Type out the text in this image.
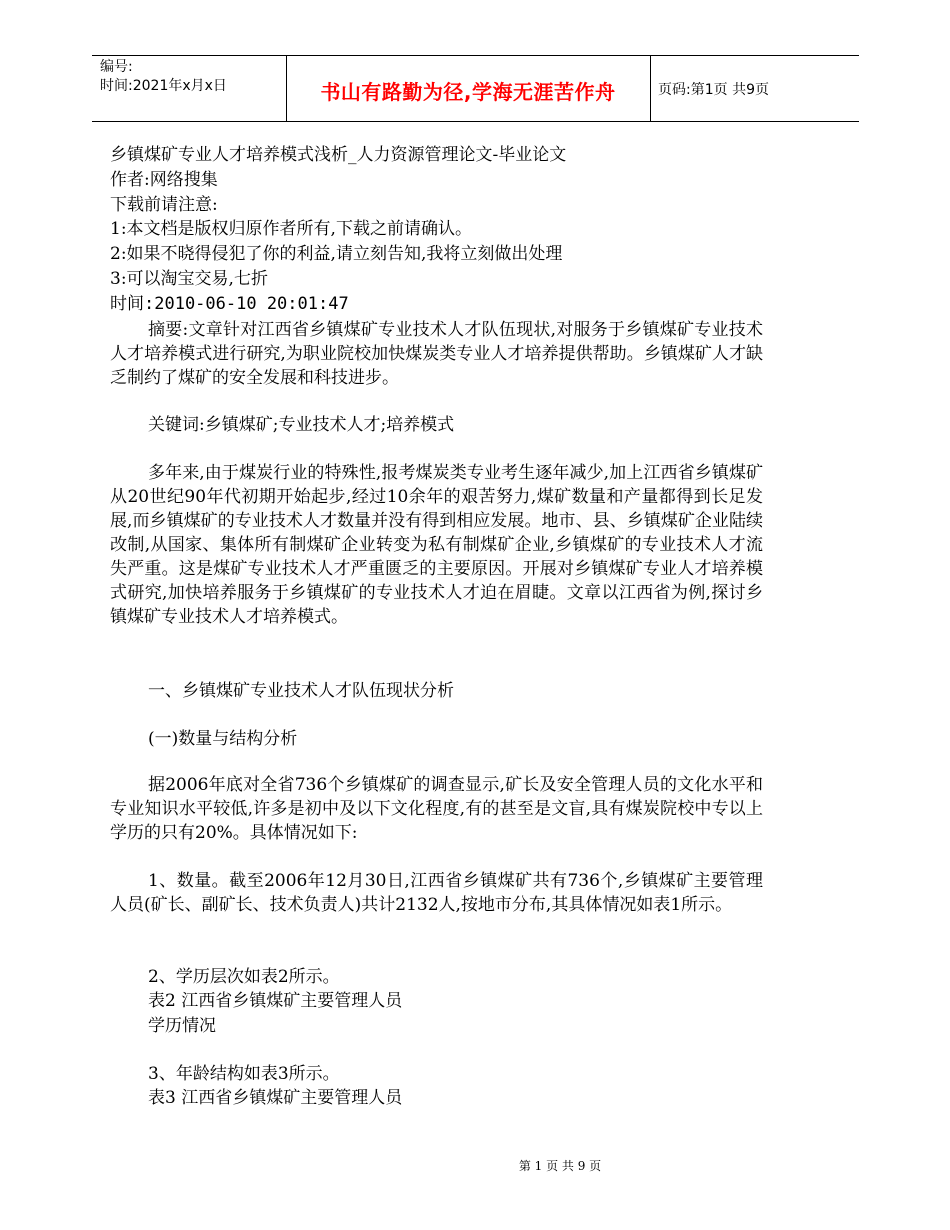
编号:
时间:2021年x月x日	书山有路勤为径,学海无涯苦作舟	页码:第1页 共9页
乡镇煤矿专业人才培养模式浅析_人力资源管理论文-毕业论文
作者:网络搜集
下载前请注意:
1:本文档是版权归原作者所有,下载之前请确认。
2:如果不晓得侵犯了你的利益,请立刻告知,我将立刻做出处理
3:可以淘宝交易,七折
时间:2010-06-10 20:01:47
摘要:文章针对江西省乡镇煤矿专业技术人才队伍现状,对服务于乡镇煤矿专业技术人才培养模式进行研究,为职业院校加快煤炭类专业人才培养提供帮助。乡镇煤矿人才缺乏制约了煤矿的安全发展和科技进步。
关键词:乡镇煤矿;专业技术人才;培养模式
多年来,由于煤炭行业的特殊性,报考煤炭类专业考生逐年减少,加上江西省乡镇煤矿从20世纪90年代初期开始起步,经过10余年的艰苦努力,煤矿数量和产量都得到长足发展,而乡镇煤矿的专业技术人才数量并没有得到相应发展。地市、县、乡镇煤矿企业陆续改制,从国家、集体所有制煤矿企业转变为私有制煤矿企业,乡镇煤矿的专业技术人才流失严重。这是煤矿专业技术人才严重匮乏的主要原因。开展对乡镇煤矿专业人才培养模式研究,加快培养服务于乡镇煤矿的专业技术人才迫在眉睫。文章以江西省为例,探讨乡镇煤矿专业技术人才培养模式。
一、乡镇煤矿专业技术人才队伍现状分析
(一)数量与结构分析
据2006年底对全省736个乡镇煤矿的调查显示,矿长及安全管理人员的文化水平和专业知识水平较低,许多是初中及以下文化程度,有的甚至是文盲,具有煤炭院校中专以上学历的只有20%。具体情况如下:
1、数量。截至2006年12月30日,江西省乡镇煤矿共有736个,乡镇煤矿主要管理人员(矿长、副矿长、技术负责人)共计2132人,按地市分布,其具体情况如表1所示。
2、学历层次如表2所示。
表2 江西省乡镇煤矿主要管理人员
学历情况
3、年龄结构如表3所示。
表3 江西省乡镇煤矿主要管理人员
第 1 页 共 9 页
